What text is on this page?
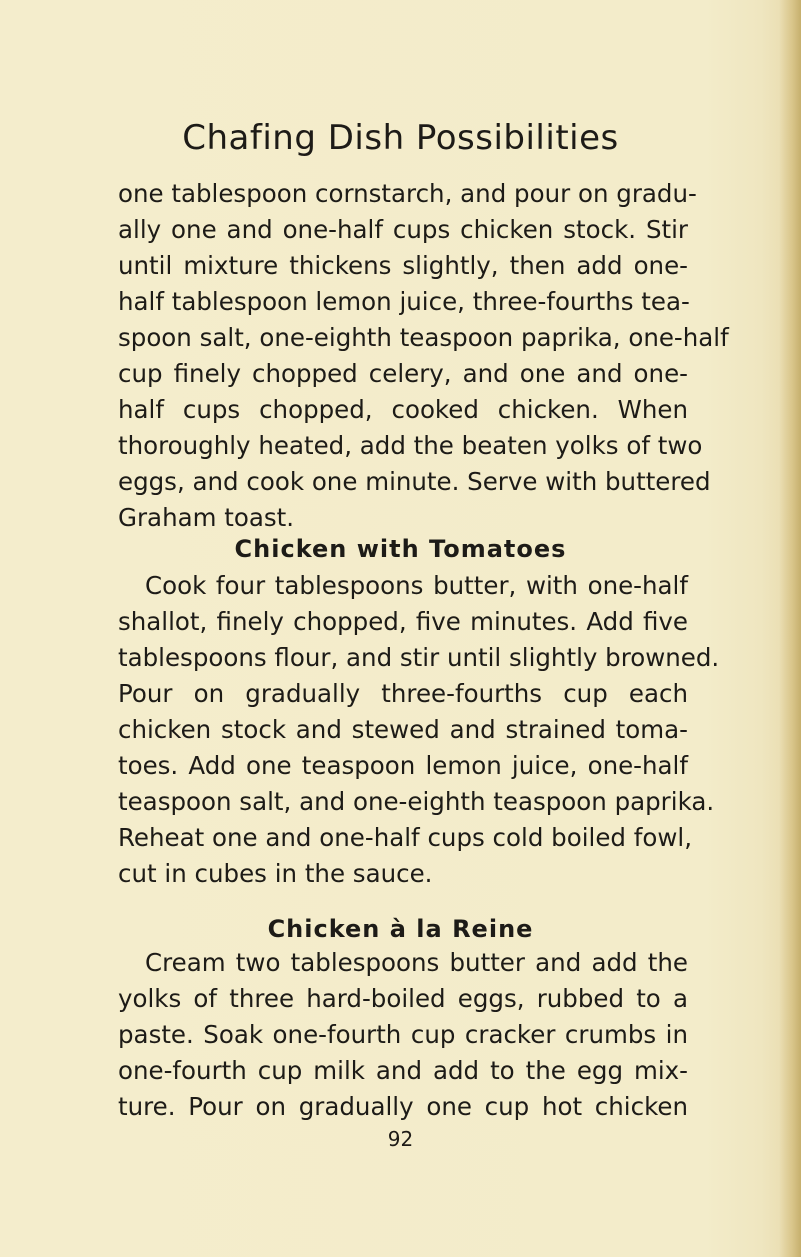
Chafing Dish Possibilities
one tablespoon cornstarch, and pour on gradu-
ally one and one-half cups chicken stock. Stir
until mixture thickens slightly, then add one-
half tablespoon lemon juice, three-fourths tea-
spoon salt, one-eighth teaspoon paprika, one-half
cup finely chopped celery, and one and one-
half cups chopped, cooked chicken. When
thoroughly heated, add the beaten yolks of two
eggs, and cook one minute. Serve with buttered
Graham toast.
Chicken with Tomatoes
Cook four tablespoons butter, with one-half
shallot, finely chopped, five minutes. Add five
tablespoons flour, and stir until slightly browned.
Pour on gradually three-fourths cup each
chicken stock and stewed and strained toma-
toes. Add one teaspoon lemon juice, one-half
teaspoon salt, and one-eighth teaspoon paprika.
Reheat one and one-half cups cold boiled fowl,
cut in cubes in the sauce.
Chicken à la Reine
Cream two tablespoons butter and add the
yolks of three hard-boiled eggs, rubbed to a
paste. Soak one-fourth cup cracker crumbs in
one-fourth cup milk and add to the egg mix-
ture. Pour on gradually one cup hot chicken
92
